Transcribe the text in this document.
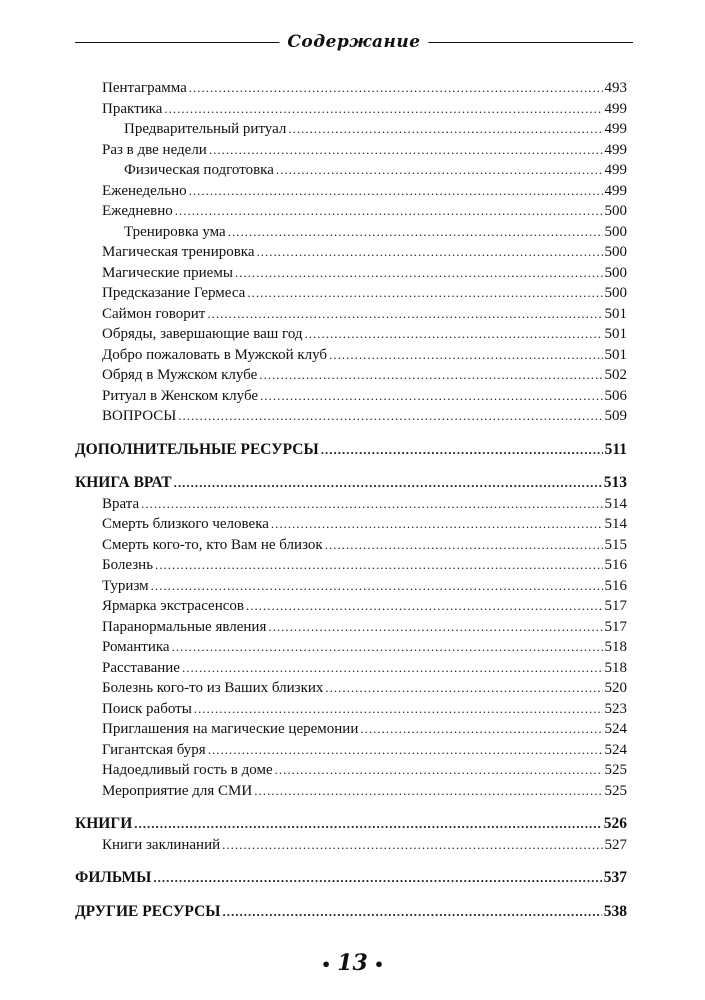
Содержание
Пентаграмма .....	493
Практика .....	499
Предварительный ритуал .....	499
Раз в две недели .....	499
Физическая подготовка .....	499
Еженедельно .....	499
Ежедневно .....	500
Тренировка ума .....	500
Магическая тренировка .....	500
Магические приемы .....	500
Предсказание Гермеса .....	500
Саймон говорит .....	501
Обряды, завершающие ваш год .....	501
Добро пожаловать в Мужской клуб .....	501
Обряд в Мужском клубе .....	502
Ритуал в Женском клубе .....	506
ВОПРОСЫ .....	509
ДОПОЛНИТЕЛЬНЫЕ РЕСУРСЫ .....	511
КНИГА ВРАТ .....	513
Врата .....	514
Смерть близкого человека .....	514
Смерть кого-то, кто Вам не близок .....	515
Болезнь .....	516
Туризм .....	516
Ярмарка экстрасенсов .....	517
Паранормальные явления .....	517
Романтика .....	518
Расставание .....	518
Болезнь кого-то из Ваших близких .....	520
Поиск работы .....	523
Приглашения на магические церемонии .....	524
Гигантская буря .....	524
Надоедливый гость в доме .....	525
Мероприятие для СМИ .....	525
КНИГИ .....	526
Книги заклинаний .....	527
ФИЛЬМЫ .....	537
ДРУГИЕ РЕСУРСЫ .....	538
• 13 •
